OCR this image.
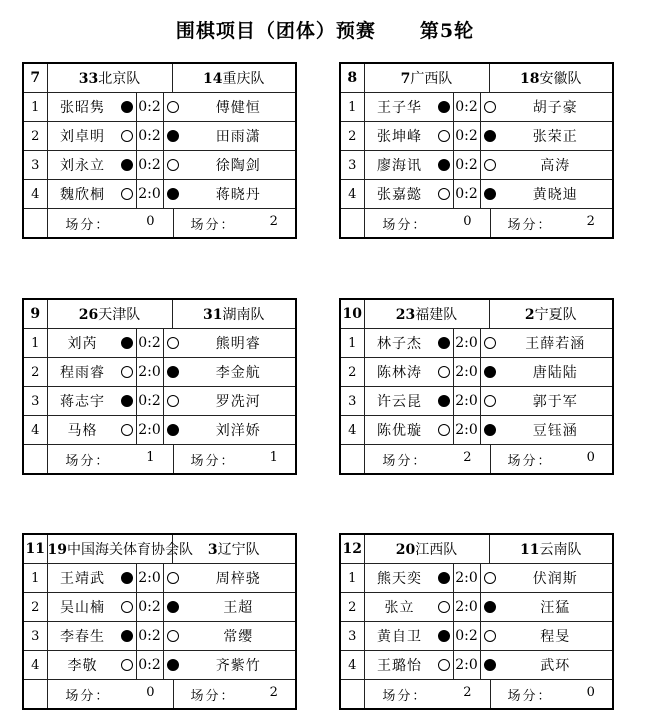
围棋项目（团体）预赛 第5轮
7	33北京队	14重庆队
1	张昭隽 0:2 傅健恒	

2	刘卓明 0:2 田雨潇	

3	刘永立 0:2 徐陶剑	

4	魏欣桐 2:0 蒋晓丹	

	场分： 0 场分： 2	
8	7广西队	18安徽队
1	王子华 0:2 胡子豪	

2	张坤峰 0:2 张荣正	

3	廖海讯 0:2 高涛	

4	张嘉懿 0:2 黄晓迪	

	场分： 0 场分： 2	
9	26天津队	31湖南队
1	刘芮 0:2 熊明睿	

2	程雨睿 2:0 李金航	

3	蒋志宇 0:2 罗冼河	

4	马格 2:0 刘洋娇	

	场分： 1 场分： 1	
10	23福建队	2宁夏队
1	林子杰 2:0 王薛若涵	

2	陈林涛 2:0 唐陆陆	

3	许云昆 2:0 郭于军	

4	陈优璇 2:0 豆钰涵	

	场分： 2 场分： 0	
11	19中国海关体育协会队	3辽宁队
1	王靖武 2:0 周梓骁	

2	吴山楠 0:2 王超	

3	李春生 0:2 常缨	

4	李敬 0:2 齐紫竹	

	场分： 0 场分： 2	
12	20江西队	11云南队
1	熊天奕 2:0 伏润斯	

2	张立 2:0 汪猛	

3	黄自卫 0:2 程旻	

4	王璐怡 2:0 武环	

	场分： 2 场分： 0	
